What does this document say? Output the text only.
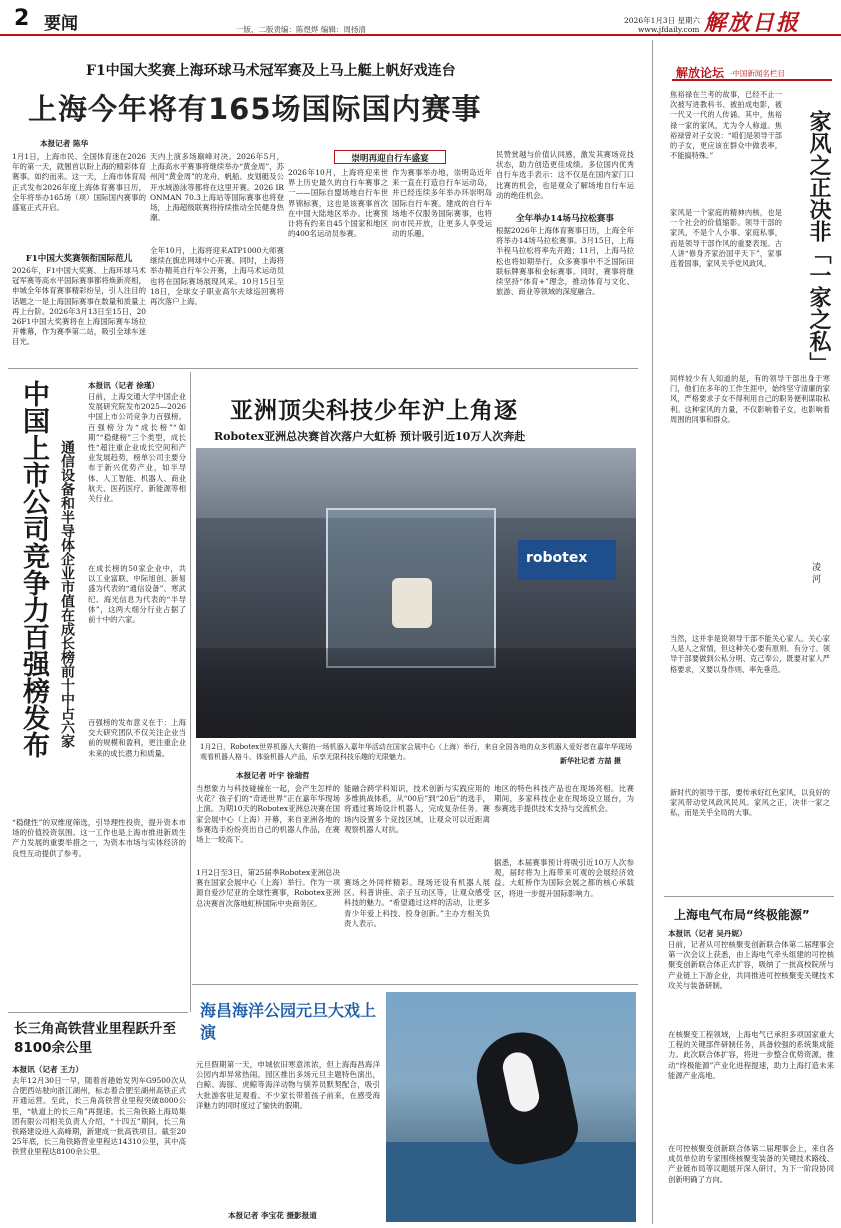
2 要闻	一版、二版责编：陈煜烨 编辑：周扬清
2026年1月3日 星期六
www.jfdaily.com 解放日报
F1中国大奖赛上海环球马术冠军赛及上马上艇上帆好戏连台
上海今年将有165场国际国内赛事
本报记者 陈华
1月1日，上海市民、全国体育迷在2026年的第一天，就翘首以盼上海的精彩体育赛事。如约而来。这一天，上海市体育局正式发布2026年度上海体育赛事日历，全年将举办165场（项）国际国内赛事的盛宴正式开启。
F1中国大奖赛领衔国际范儿
2026年，F1中国大奖赛、上海环球马术冠军赛等高水平国际赛事都将焕新亮相，申城全年体育赛事精彩纷呈，引人注目的话题之一是上海国际赛事在数量和质量上再上台阶。2026年3月13日至15日，2026F1中国大奖赛将在上海国际赛车场拉开帷幕，作为赛季第二站，吸引全球车迷目光。
天内上演多场巅峰对决。2026年5月，上海高水平赛事将继续举办“黄金周”，苏州河“黄金周”的龙舟、帆船、皮划艇及公开水域游泳等都将在这里开赛。2026 IRONMAN 70.3上海站等国际赛事也将登场，上海超级联赛将持续推动全民健身热潮。
全年10月，上海将迎来ATP1000大师赛继续在旗忠网球中心开赛。同时，上海将举办精英自行车公开赛，上海马术运动员也将在国际赛场展现风采。10月15日至18日，全球女子职业高尔夫球巡回赛将再次落户上海。
崇明再迎自行车盛宴
2026年10月，上海将迎来世界上历史最久的自行车赛事之一——国际自盟场地自行车世界锦标赛，这也是该赛事首次在中国大陆地区举办。比赛预计将有约来自45个国家和地区的400名运动员参赛。
作为赛事举办地，崇明岛近年来一直在打造自行车运动岛，并已经连续多年举办环崇明岛国际自行车赛。建成的自行车场地不仅服务国际赛事，也将向市民开放，让更多人享受运动的乐趣。
民赞赏越与价值认同感，激发其赛场竞技状态，助力创造更佳成绩。多位国内优秀自行车选手表示：这不仅是在国内家门口比赛的机会，也是观众了解场地自行车运动的绝佳机会。
全年举办14场马拉松赛事
根据2026年上海体育赛事日历，上海全年将举办14场马拉松赛事。3月15日，上海半程马拉松将率先开跑；11月，上海马拉松也将如期举行。众多赛事中不乏国际田联标牌赛事和金标赛事。同时，赛事将继续坚持“体育+”理念，推动体育与文化、旅游、商业等领域的深度融合。
中国上市公司竞争力百强榜发布 通信设备和半导体企业市值在成长榜前十中占六家
本报讯（记者 徐瑾）
日前，上海交通大学中国企业发展研究院发布2025—2026中国上市公司竞争力百强榜。百强榜分为“成长榜”“如期”“稳健榜”三个类型，成长性“超注重企业成长空间和产业发展趋势，榜单公司主要分布于新兴优势产业，如半导体、人工智能、机器人、商业航天、医药医疗、新能源等相关行业。
在成长榜的50家企业中，共以工业富联、中际旭创、新易盛为代表的“通信设备”、寒武纪、海光信息为代表的“半导体”，这两大细分行业占据了前十中的六家。
百强榜的发布意义在于：上海交大研究团队不仅关注企业当前的规模和盈利，更注重企业未来的成长潜力和质量。
“稳健性”的双维度筛选，引导理性投资，提升资本市场的价值投资氛围。这一工作也是上海市推进新质生产力发展的重要举措之一，为资本市场与实体经济的良性互动提供了参考。
长三角高铁营业里程跃升至8100余公里
本报讯（记者 王力）
去年12月30日一早，随着首趟始发列车G9500次从合肥西站驶向浙江湖州，标志着合肥至湖州高铁正式开通运营。至此，长三角高铁营业里程突破8000公里，“轨道上的长三角”再提速。长三角铁路上海局集团有限公司相关负责人介绍，“十四五”期间，长三角铁路建设进入高峰期，新建成一批高铁项目。截至2025年底，长三角铁路营业里程达14310公里，其中高铁营业里程达8100余公里。
亚洲顶尖科技少年沪上角逐
Robotex亚洲总决赛首次落户大虹桥 预计吸引近10万人次奔赴
robotex
1月2日，Robotex世界机器人大赛的一场机器人嘉年华活动在国家会展中心（上海）举行，来自全国各地的众多机器人爱好者在嘉年华现场观看机器人格斗。体验机器人产品，乐享无限科技乐趣的无限魅力。	新华社记者 方喆 摄
本报记者 叶宇 徐瑞哲
当想象力与科技碰撞在一起，会产生怎样的火花？孩子们的“奇迹世界”正在嘉年华现场上演。为期10天的Robotex亚洲总决赛在国家会展中心（上海）开幕，来自亚洲各地的参赛选手纷纷亮出自己的机器人作品，在赛场上一较高下。
1月2日至3日，第25届季Robotex亚洲总决赛在国家会展中心（上海）举行。作为一项源自爱沙尼亚的全球性赛事，Robotex亚洲总决赛首次落地虹桥国际中央商务区。
能融合跨学科知识，技术创新与实践应用的多维挑战体系，从“00后”到“20后”的选手，将通过赛场设计机器人，完成复杂任务。赛场内设置多个竞技区域，让观众可以近距离观察机器人对抗。
赛场之外同样精彩。现场还设有机器人展区、科普讲座、亲子互动区等，让观众感受科技的魅力。“希望通过这样的活动，让更多青少年爱上科技、投身创新。”主办方相关负责人表示。
地区的特色科技产品也在现场亮相。比赛期间，多家科技企业在现场设立展台，为参赛选手提供技术支持与交流机会。
据悉，本届赛事预计将吸引近10万人次参观，届时将为上海带来可观的会展经济效益。大虹桥作为国际会展之都的核心承载区，将进一步提升国际影响力。
海昌海洋公园元旦大戏上演
元旦假期第一天，申城依旧寒意浓浓，但上海海昌海洋公园内却异常热闹。园区推出多场元旦主题特色演出，白鲸、海豚、虎鲸等海洋动物与驯养员默契配合，吸引大批游客驻足观看。不少家长带着孩子前来，在感受海洋魅力的同时度过了愉快的假期。
本报记者 李宝花 摄影报道
解放论坛 ·中国新闻名栏目
家风之正决非「一家之私」
凌 河
焦裕禄在兰考的故事，已经不止一次被写进教科书、被拍成电影，被一代又一代的人传诵。其中，焦裕禄一家的家风，尤为令人称道。焦裕禄曾对子女说：“咱们是领导干部的子女，更应该在群众中做表率，不能搞特殊。”
家风是一个家庭的精神内核，也是一个社会的价值缩影。领导干部的家风，不是个人小事、家庭私事，而是领导干部作风的重要表现。古人讲“修身齐家治国平天下”，家事连着国事，家风关乎党风政风。
同样较少有人知道的是，有的领导干部出身于寒门，他们在多年的工作生涯中，始终坚守清廉的家风，严格要求子女不得利用自己的职务便利谋取私利。这种家风的力量，不仅影响着子女，也影响着周围的同事和群众。
当然，这并非是说领导干部不能关心家人。关心家人是人之常情，但这种关心要有原则、有分寸。领导干部要做到公私分明、克己奉公，既要对家人严格要求，又要以身作则、率先垂范。
新时代的领导干部，要传承好红色家风，以良好的家风带动党风政风民风。家风之正，决非一家之私，而是关乎全局的大事。
上海电气布局“终极能源”
本报讯（记者 吴丹妮）
日前，记者从可控核聚变创新联合体第二届理事会第一次会议上获悉，由上海电气牵头组建的可控核聚变创新联合体正式扩容，吸纳了一批高校院所与产业链上下游企业，共同推进可控核聚变关键技术攻关与装备研制。
在核聚变工程领域，上海电气已承担多项国家重大工程的关键部件研制任务，具备较强的系统集成能力。此次联合体扩容，将进一步整合优势资源，推动“终极能源”产业化进程提速，助力上海打造未来能源产业高地。
在可控核聚变创新联合体第二届理事会上，来自各成员单位的专家围绕核聚变装备的关键技术路线、产业链布局等议题展开深入研讨，为下一阶段协同创新明确了方向。
